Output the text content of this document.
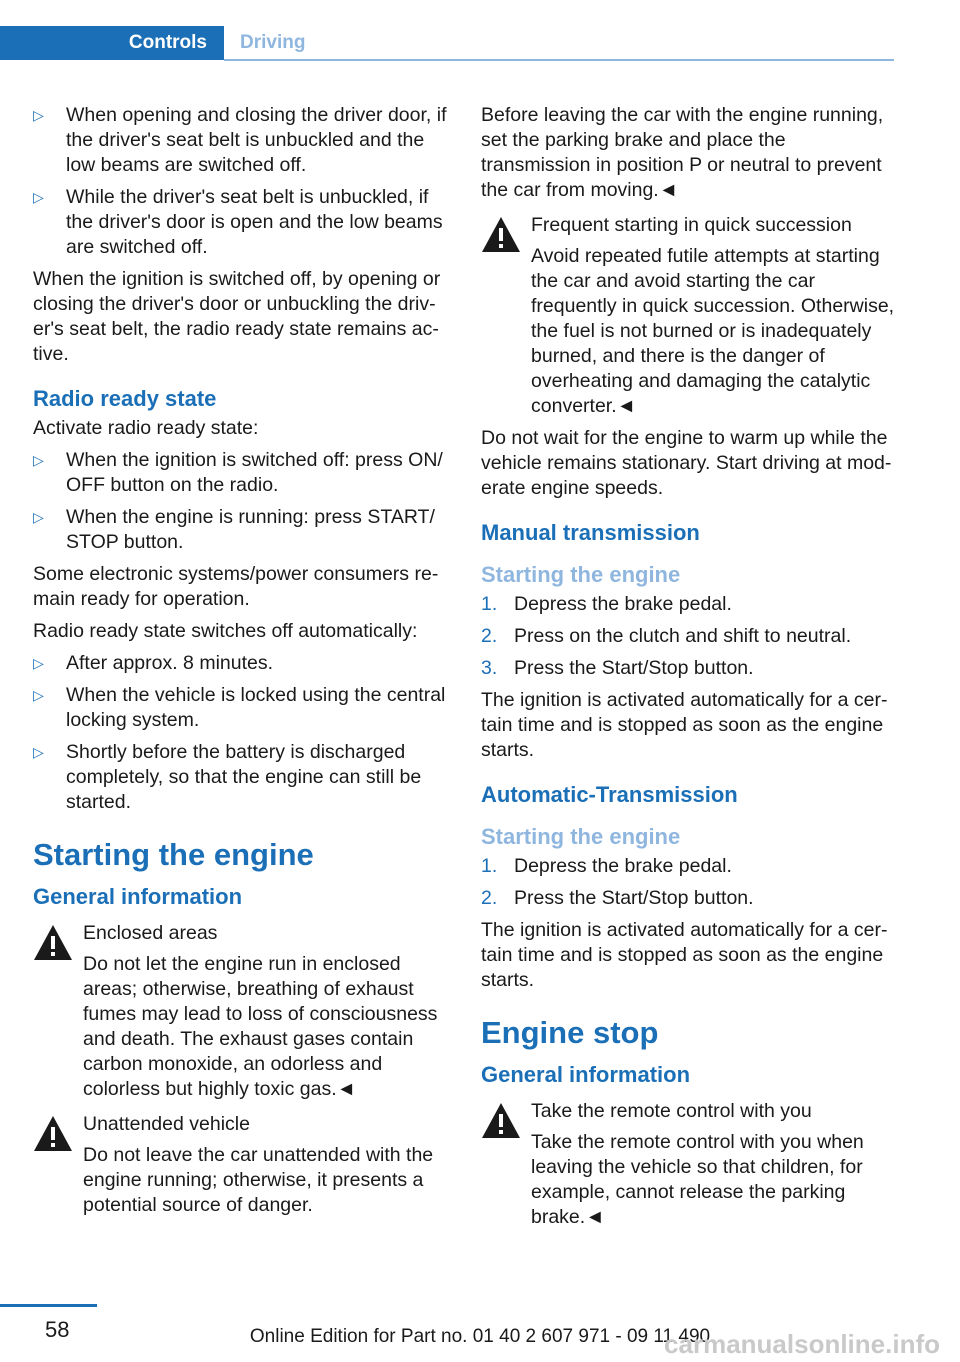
Controls	Driving
▷ When opening and closing the driver door, if the driver's seat belt is unbuckled and the low beams are switched off.
▷ While the driver's seat belt is unbuckled, if the driver's door is open and the low beams are switched off.

When the ignition is switched off, by opening or closing the driver's door or unbuckling the driver's seat belt, the radio ready state remains active.

Radio ready state

Activate radio ready state:

▷ When the ignition is switched off: press ON/ OFF button on the radio.
▷ When the engine is running: press START/ STOP button.

Some electronic systems/power consumers remain ready for operation.

Radio ready state switches off automatically:

▷ After approx. 8 minutes.
▷ When the vehicle is locked using the central locking system.
▷ Shortly before the battery is discharged completely, so that the engine can still be started.
Starting the engine
General information
Enclosed areas
Do not let the engine run in enclosed areas; otherwise, breathing of exhaust fumes may lead to loss of consciousness and death. The exhaust gases contain carbon monoxide, an odorless and colorless but highly toxic gas.◄
Unattended vehicle
Do not leave the car unattended with the engine running; otherwise, it presents a potential source of danger.

Before leaving the car with the engine running, set the parking brake and place the transmission in position P or neutral to prevent the car from moving.◄

Frequent starting in quick succession
Avoid repeated futile attempts at starting the car and avoid starting the car frequently in quick succession. Otherwise, the fuel is not burned or is inadequately burned, and there is the danger of overheating and damaging the catalytic converter.◄

Do not wait for the engine to warm up while the vehicle remains stationary. Start driving at moderate engine speeds.

Manual transmission
Starting the engine
1. Depress the brake pedal.
2. Press on the clutch and shift to neutral.
3. Press the Start/Stop button.

The ignition is activated automatically for a certain time and is stopped as soon as the engine starts.

Automatic-Transmission
Starting the engine
1. Depress the brake pedal.
2. Press the Start/Stop button.

The ignition is activated automatically for a certain time and is stopped as soon as the engine starts.

Engine stop
General information
Take the remote control with you
Take the remote control with you when leaving the vehicle so that children, for example, cannot release the parking brake.◄
58	Online Edition for Part no. 01 40 2 607 971 - 09 11 490
carmanualsonline.info
